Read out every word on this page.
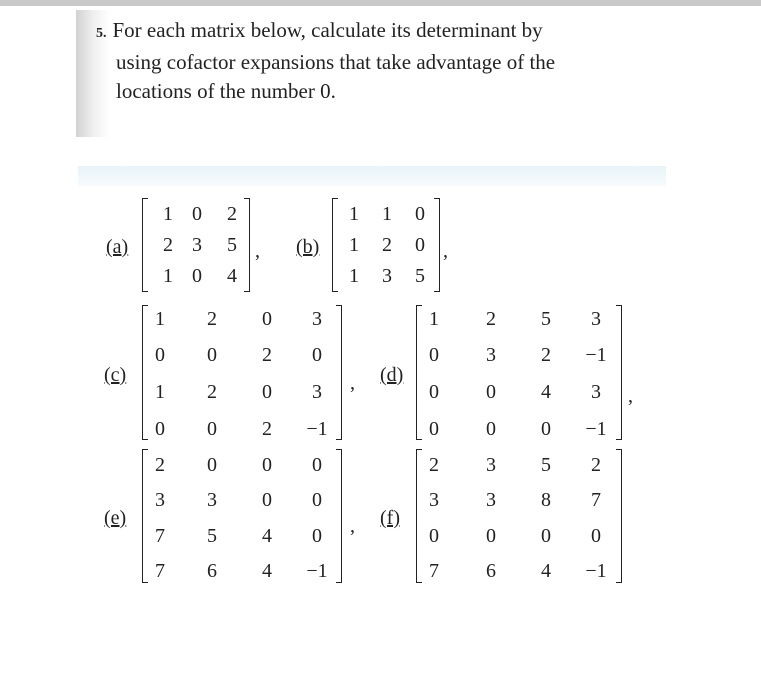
5. For each matrix below, calculate its determinant by
using cofactor expansions that take advantage of the
locations of the number 0.
(a)
1 0	2
2 3	5
1 0	4
, (b)
1	1	0
1	2	0
1	3	5
,
(c)
1	2	0	3
0	0	2	0
1	2	0	3
0	0	2	−1
, (d)
1	2	5	3
0	3	2	−1
0	0	4	3
0	0	0	−1
,
(e)
2	0	0	0
3	3	0	0
7	5	4	0
7	6	4	−1
, (f)
2	3	5	2
3	3	8	7
0	0	0	0
7	6	4	−1
